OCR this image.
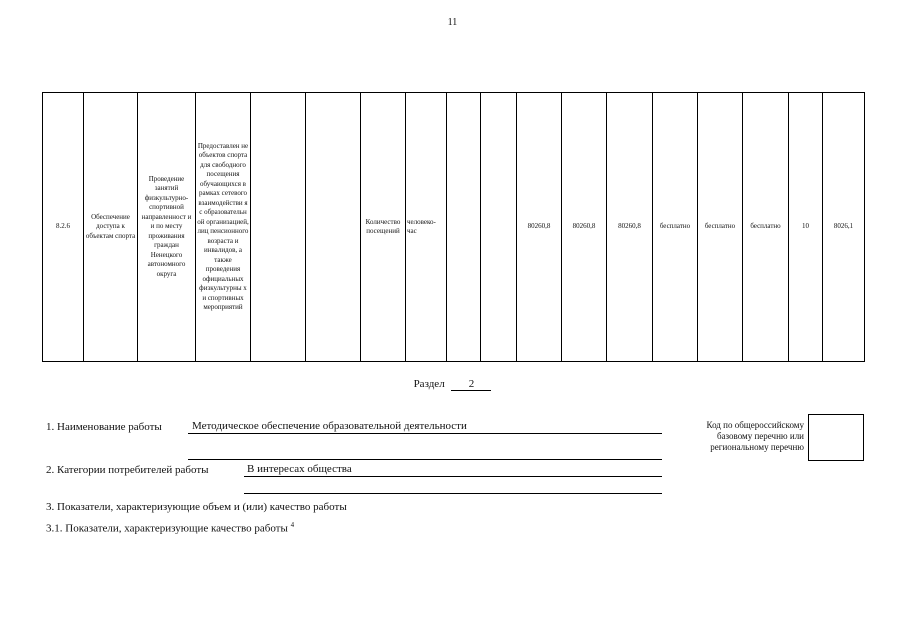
11
8.2.6	Обеспечение доступа к объектам спорта	Проведение занятий физкультурно-спортивной направленност и и по месту проживания граждан Ненецкого автономного округа	Предоставлен не объектов спорта для свободного посещения обучающихся в рамках сетевого взаимодействи я с образовательн ой организацией, лиц пенсионного возраста и инвалидов, а также проведения официальных физкультурны х и спортивных мероприятий			Количество посещений	человеко-час			80260,8	80260,8	80260,8	бесплатно	бесплатно	бесплатно	10	8026,1
Раздел 2
1. Наименование работы	Методическое обеспечение образовательной деятельности
2. Категории потребителей работы	В интересах общества
3. Показатели, характеризующие объем и (или) качество работы
3.1. Показатели, характеризующие качество работы $^4$
Код по общероссийскому базовому перечню или региональному перечню
